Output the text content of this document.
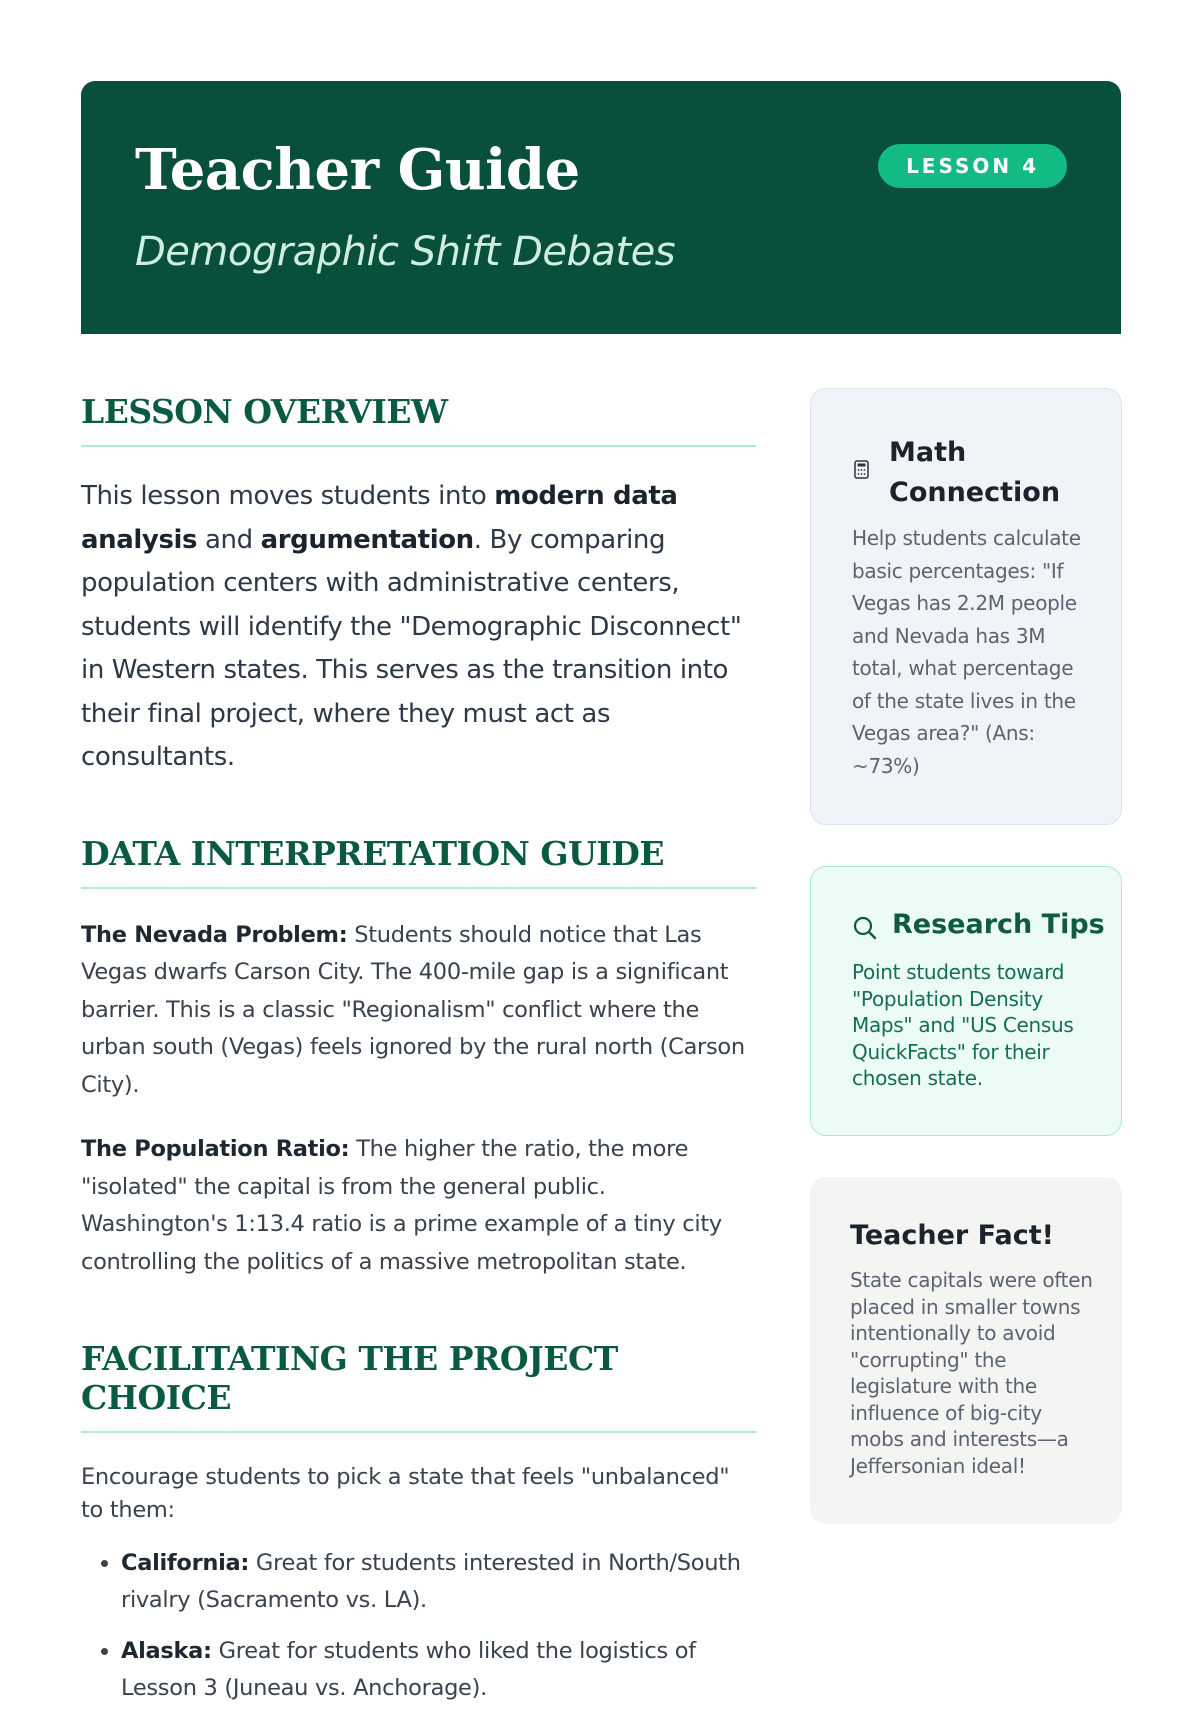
Teacher Guide
Demographic Shift Debates
LESSON 4
LESSON OVERVIEW

This lesson moves students into modern data analysis and argumentation. By comparing population centers with administrative centers, students will identify the "Demographic Disconnect" in Western states. This serves as the transition into their final project, where they must act as consultants.

DATA INTERPRETATION GUIDE

The Nevada Problem: Students should notice that Las Vegas dwarfs Carson City. The 400-mile gap is a significant barrier. This is a classic "Regionalism" conflict where the urban south (Vegas) feels ignored by the rural north (Carson City).

The Population Ratio: The higher the ratio, the more "isolated" the capital is from the general public. Washington's 1:13.4 ratio is a prime example of a tiny city controlling the politics of a massive metropolitan state.

FACILITATING THE PROJECT CHOICE

Encourage students to pick a state that feels "unbalanced" to them:

• California: Great for students interested in North/South rivalry (Sacramento vs. LA).
• Alaska: Great for students who liked the logistics of Lesson 3 (Juneau vs. Anchorage).
Math Connection
Help students calculate basic percentages: "If Vegas has 2.2M people and Nevada has 3M total, what percentage of the state lives in the Vegas area?" (Ans: ~73%)
Research Tips
Point students toward "Population Density Maps" and "US Census QuickFacts" for their chosen state.
Teacher Fact!
State capitals were often placed in smaller towns intentionally to avoid "corrupting" the legislature with the influence of big-city mobs and interests—a Jeffersonian ideal!
